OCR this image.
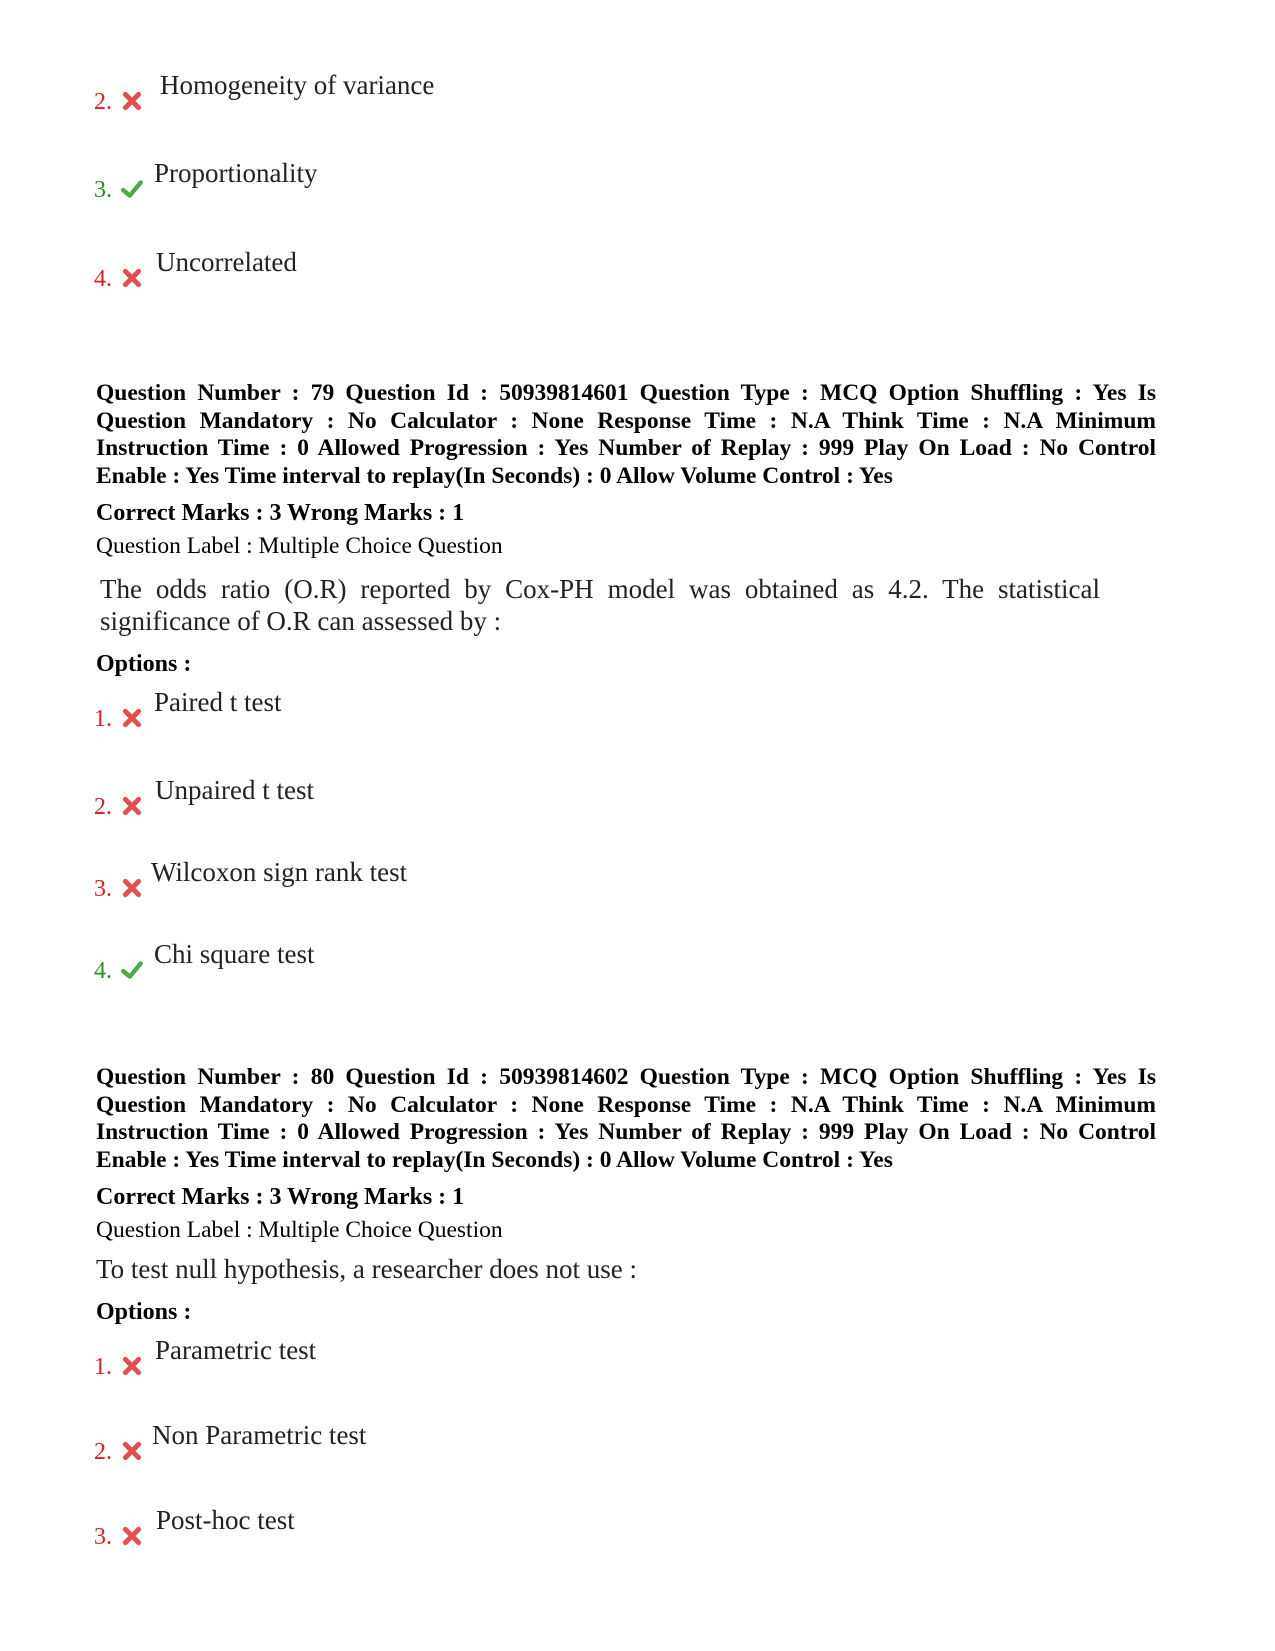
2.
Homogeneity of variance
3.
Proportionality
4.
Uncorrelated
Question Number : 79 Question Id : 50939814601 Question Type : MCQ Option Shuffling : Yes Is Question Mandatory : No Calculator : None Response Time : N.A Think Time : N.A Minimum Instruction Time : 0 Allowed Progression : Yes Number of Replay : 999 Play On Load : No Control Enable : Yes Time interval to replay(In Seconds) : 0 Allow Volume Control : Yes
Correct Marks : 3 Wrong Marks : 1
Question Label : Multiple Choice Question
The odds ratio (O.R) reported by Cox-PH model was obtained as 4.2. The statistical significance of O.R can assessed by :
Options :
1.
Paired t test
2.
Unpaired t test
3.
Wilcoxon sign rank test
4.
Chi square test
Question Number : 80 Question Id : 50939814602 Question Type : MCQ Option Shuffling : Yes Is Question Mandatory : No Calculator : None Response Time : N.A Think Time : N.A Minimum Instruction Time : 0 Allowed Progression : Yes Number of Replay : 999 Play On Load : No Control Enable : Yes Time interval to replay(In Seconds) : 0 Allow Volume Control : Yes
Correct Marks : 3 Wrong Marks : 1
Question Label : Multiple Choice Question
To test null hypothesis, a researcher does not use :
Options :
1.
Parametric test
2.
Non Parametric test
3.
Post-hoc test
